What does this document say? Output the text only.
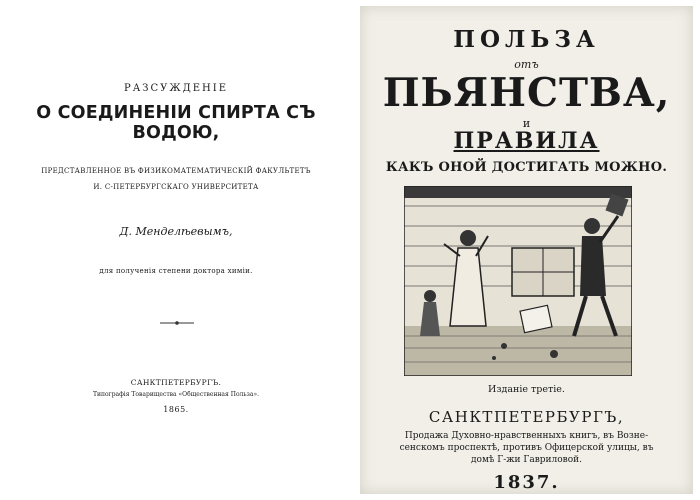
РАЗСУЖДЕНІЕ
О СОЕДИНЕНІИ СПИРТА СЪ ВОДОЮ,
ПРЕДСТАВЛЕННОЕ ВЪ ФИЗИКОМАТЕМАТИЧЕСКІЙ ФАКУЛЬТЕТЪ
И. С-ПЕТЕРБУРГСКАГО УНИВЕРСИТЕТА
Д. Менделѣевымъ,
для полученія степени доктора химіи.
САНКТПЕТЕРБУРГЪ.
Типографія Товарищества «Общественная Польза».
1865.
ПОЛЬЗА
отъ
ПЬЯНСТВА,
и
ПРАВИЛА
КАКЪ ОНОЙ ДОСТИГАТЬ МОЖНО.
Изданіе третіе.
САНКТПЕТЕРБУРГЪ,
Продажа Духовно-нравственныхъ книгъ, въ Возне-
сенскомъ проспектѣ, противъ Офицерской улицы, въ
домѣ Г-жи Гавриловой.
1837.
